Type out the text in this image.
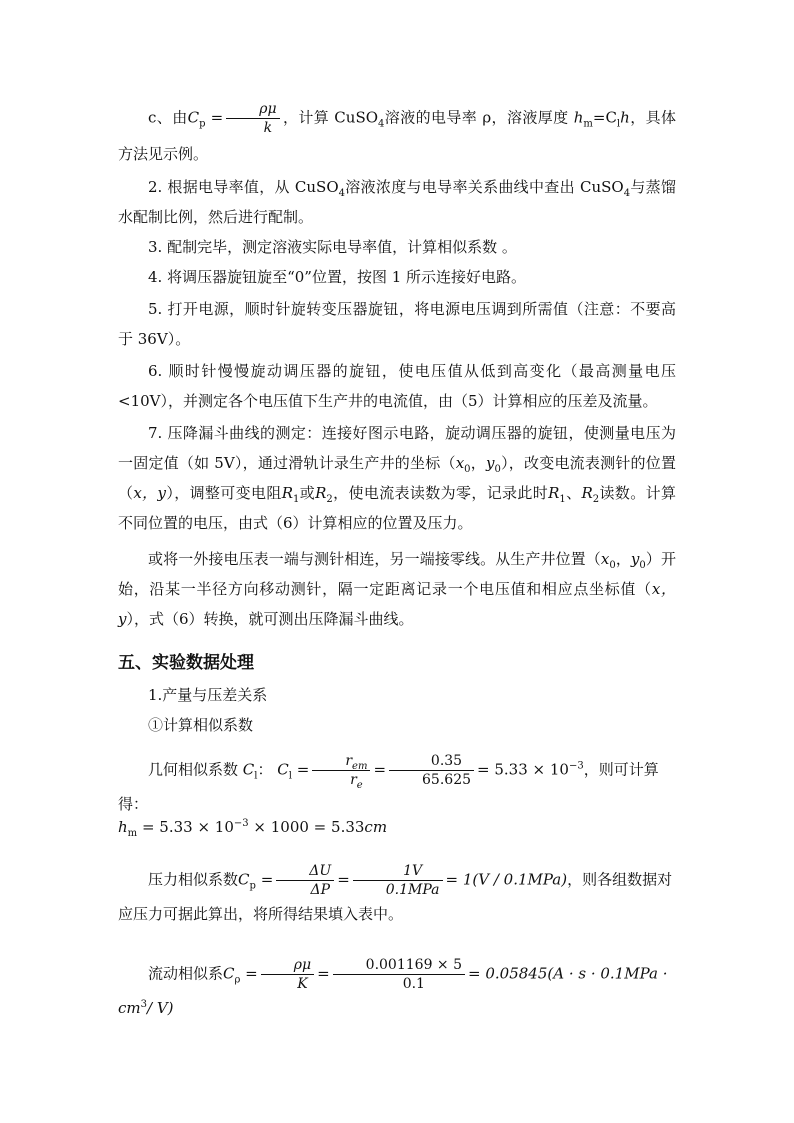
c、由$C_p = \frac{\rho\mu}{k}$ ，计算 CuSO$_4$溶液的电导率 ρ，溶液厚度 $h_m=C_lh$，具体方法见示例。

2. 根据电导率值，从 CuSO$_4$溶液浓度与电导率关系曲线中查出 CuSO$_4$与蒸馏水配制比例，然后进行配制。

3. 配制完毕，测定溶液实际电导率值，计算相似系数 。

4. 将调压器旋钮旋至“0”位置，按图 1 所示连接好电路。

5. 打开电源，顺时针旋转变压器旋钮，将电源电压调到所需值（注意：不要高于 36V）。

6. 顺时针慢慢旋动调压器的旋钮，使电压值从低到高变化（最高测量电压<10V），并测定各个电压值下生产井的电流值，由（5）计算相应的压差及流量。

7. 压降漏斗曲线的测定：连接好图示电路，旋动调压器的旋钮，使测量电压为一固定值（如 5V），通过滑轨计录生产井的坐标（$x_0$，$y_0$），改变电流表测针的位置（x，y），调整可变电阻$R_1$或$R_2$，使电流表读数为零，记录此时$R_1$、$R_2$读数。计算不同位置的电压，由式（6）计算相应的位置及压力。

或将一外接电压表一端与测针相连，另一端接零线。从生产井位置（$x_0$，$y_0$）开始，沿某一半径方向移动测针，隔一定距离记录一个电压值和相应点坐标值（x，y），式（6）转换，就可测出压降漏斗曲线。

五、实验数据处理

1.产量与压差关系

①计算相似系数

几何相似系数 $C_l$： $C_l = \frac{r_{em}}{r_e} = \frac{0.35}{65.625} = 5.33 \times 10^{-3}$，则可计算得：

$h_m = 5.33 \times 10^{-3} \times 1000 = 5.33cm$

压力相似系数$C_p = \frac{\Delta U}{\Delta P} = \frac{1V}{\text{0.1MPa}} = 1(V / 0.1MPa)$，则各组数据对应压力可据此算出，将所得结果填入表中。

流动相似系$C_\rho = \frac{\rho\mu}{K} = \frac{0.001169 \times 5}{0.1} = 0.05845(A \cdot s \cdot 0.1MPa \cdot cm^3/$ V)
